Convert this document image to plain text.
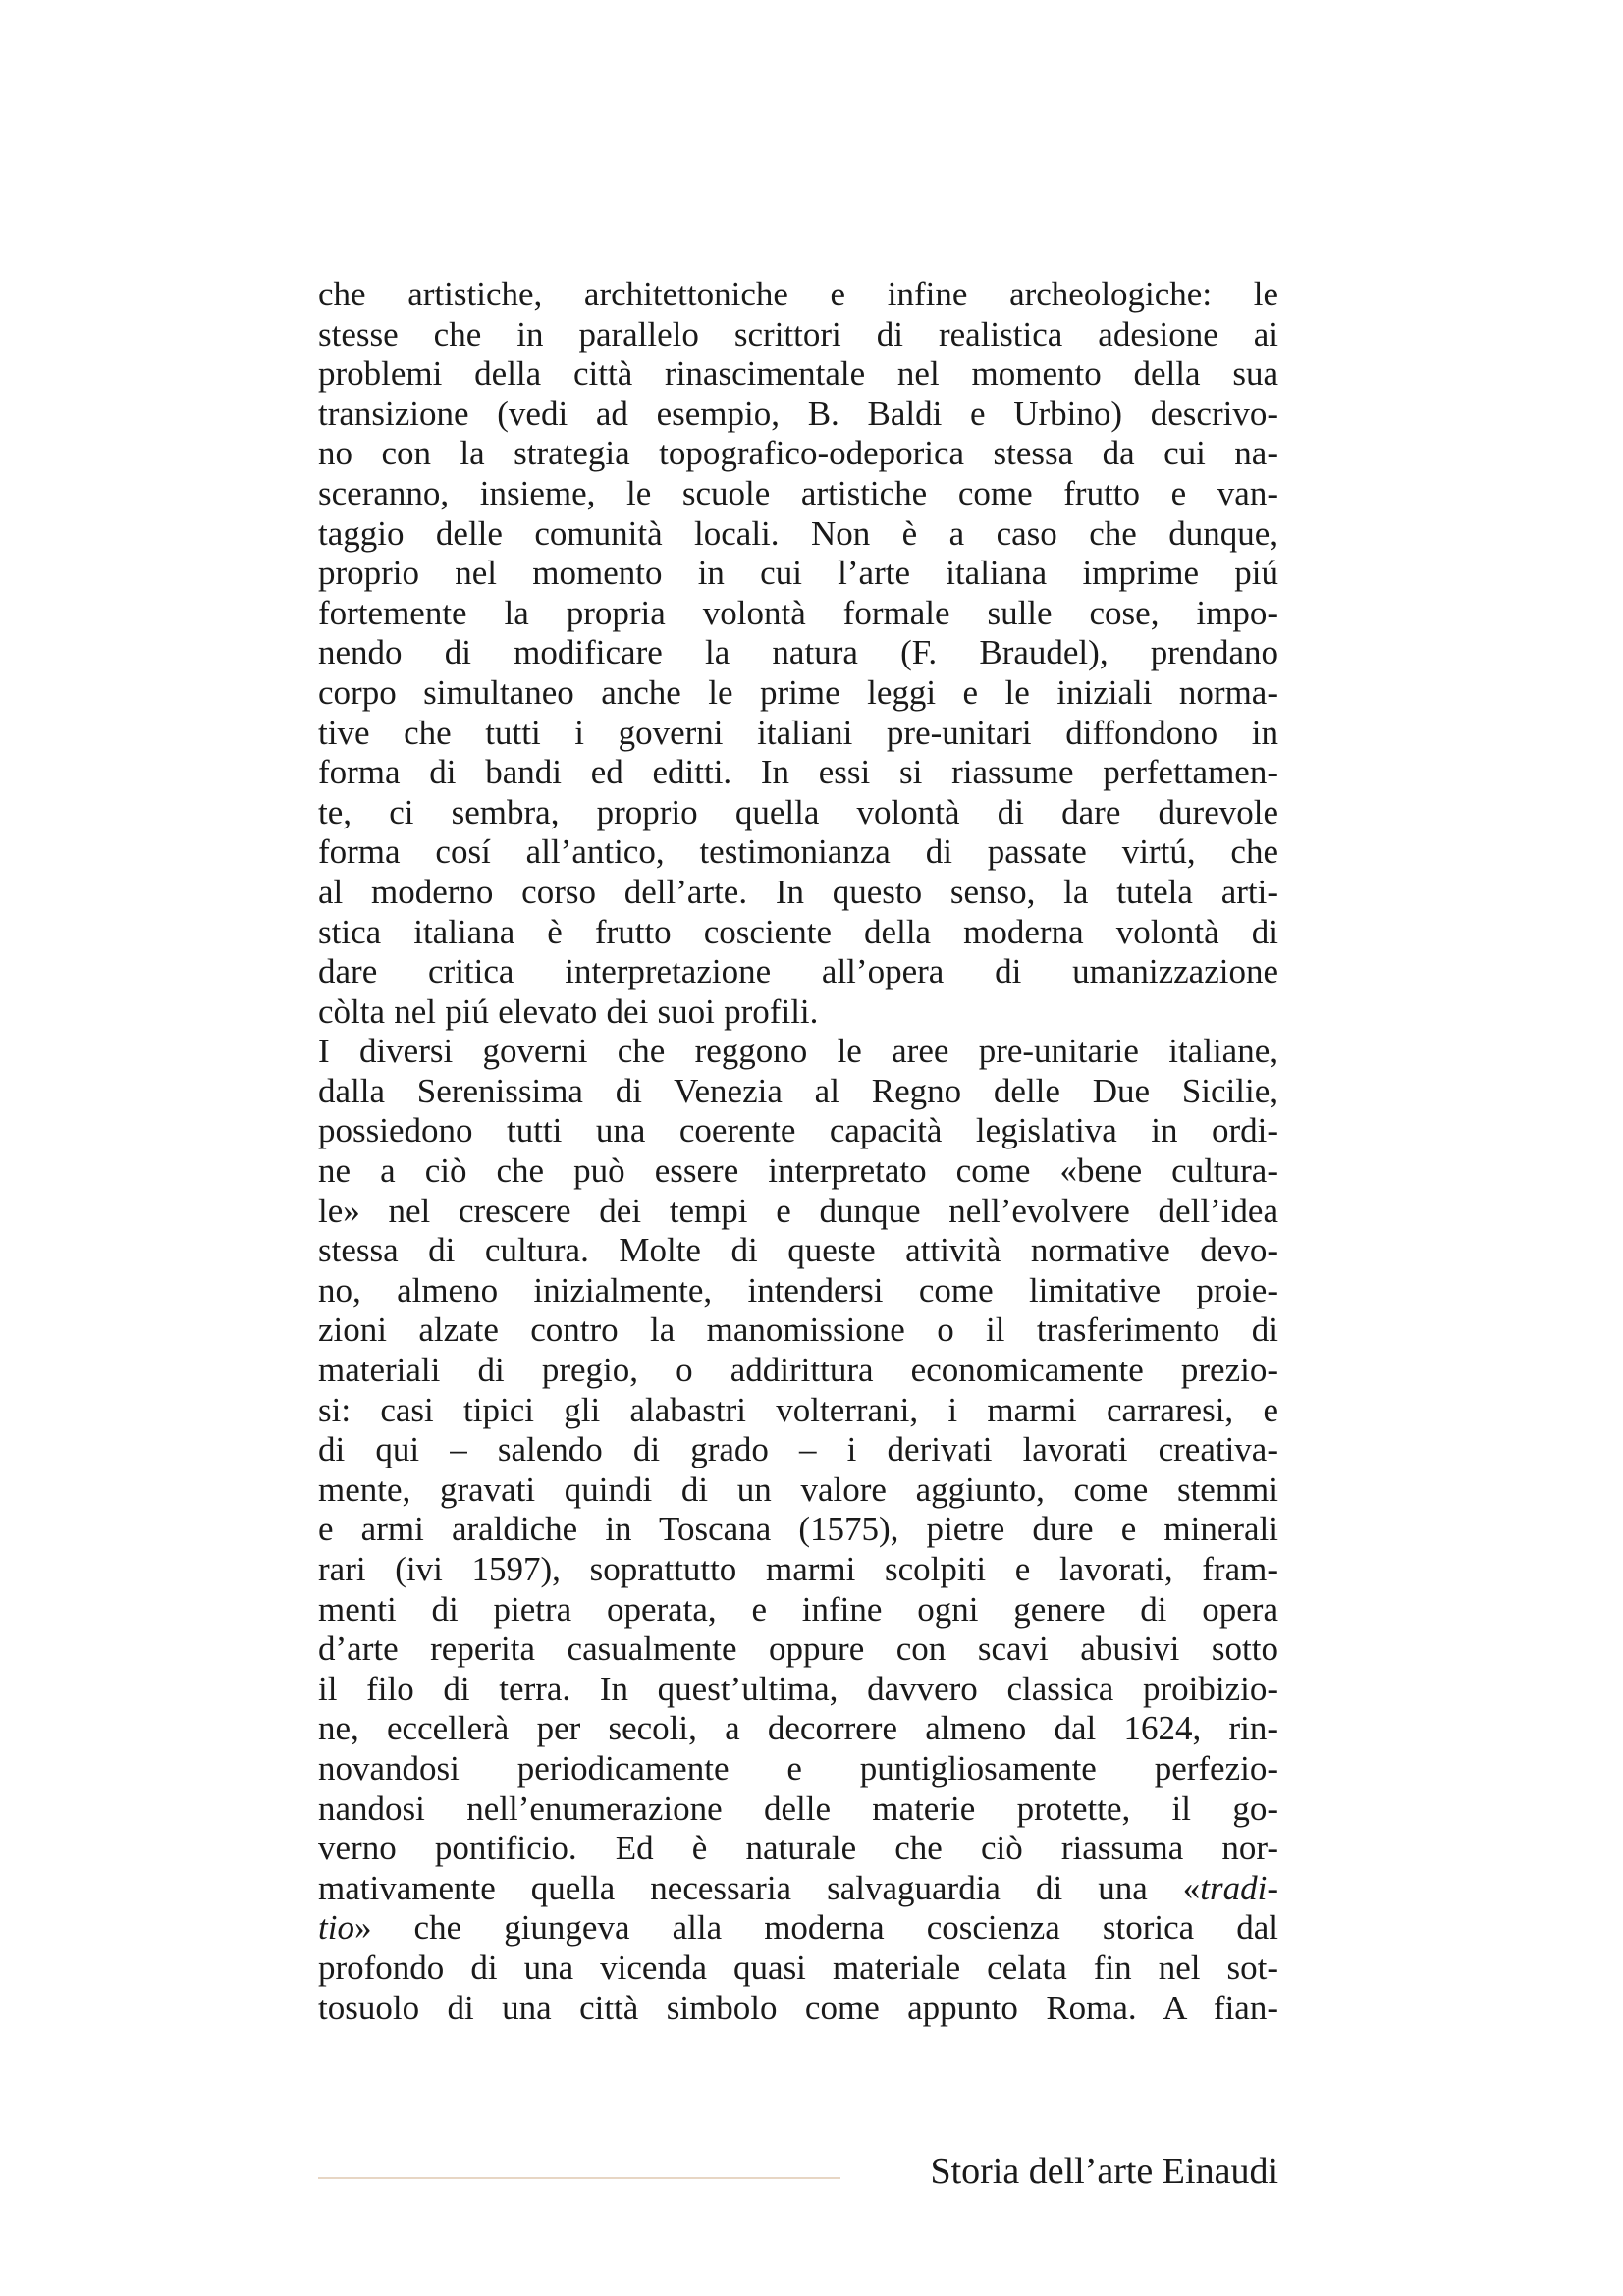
che artistiche, architettoniche e infine archeologiche: le
stesse che in parallelo scrittori di realistica adesione ai
problemi della città rinascimentale nel momento della sua
transizione (vedi ad esempio, B. Baldi e Urbino) descrivo-
no con la strategia topografico-odeporica stessa da cui na-
sceranno, insieme, le scuole artistiche come frutto e van-
taggio delle comunità locali. Non è a caso che dunque,
proprio nel momento in cui l’arte italiana imprime piú
fortemente la propria volontà formale sulle cose, impo-
nendo di modificare la natura (F. Braudel), prendano
corpo simultaneo anche le prime leggi e le iniziali norma-
tive che tutti i governi italiani pre-unitari diffondono in
forma di bandi ed editti. In essi si riassume perfettamen-
te, ci sembra, proprio quella volontà di dare durevole
forma cosí all’antico, testimonianza di passate virtú, che
al moderno corso dell’arte. In questo senso, la tutela arti-
stica italiana è frutto cosciente della moderna volontà di
dare critica interpretazione all’opera di umanizzazione
còlta nel piú elevato dei suoi profili.
I diversi governi che reggono le aree pre-unitarie italiane,
dalla Serenissima di Venezia al Regno delle Due Sicilie,
possiedono tutti una coerente capacità legislativa in ordi-
ne a ciò che può essere interpretato come «bene cultura-
le» nel crescere dei tempi e dunque nell’evolvere dell’idea
stessa di cultura. Molte di queste attività normative devo-
no, almeno inizialmente, intendersi come limitative proie-
zioni alzate contro la manomissione o il trasferimento di
materiali di pregio, o addirittura economicamente prezio-
si: casi tipici gli alabastri volterrani, i marmi carraresi, e
di qui – salendo di grado – i derivati lavorati creativa-
mente, gravati quindi di un valore aggiunto, come stemmi
e armi araldiche in Toscana (1575), pietre dure e minerali
rari (ivi 1597), soprattutto marmi scolpiti e lavorati, fram-
menti di pietra operata, e infine ogni genere di opera
d’arte reperita casualmente oppure con scavi abusivi sotto
il filo di terra. In quest’ultima, davvero classica proibizio-
ne, eccellerà per secoli, a decorrere almeno dal 1624, rin-
novandosi periodicamente e puntigliosamente perfezio-
nandosi nell’enumerazione delle materie protette, il go-
verno pontificio. Ed è naturale che ciò riassuma nor-
mativamente quella necessaria salvaguardia di una «tradi-
tio» che giungeva alla moderna coscienza storica dal
profondo di una vicenda quasi materiale celata fin nel sot-
tosuolo di una città simbolo come appunto Roma. A fian-
Storia dell’arte Einaudi
